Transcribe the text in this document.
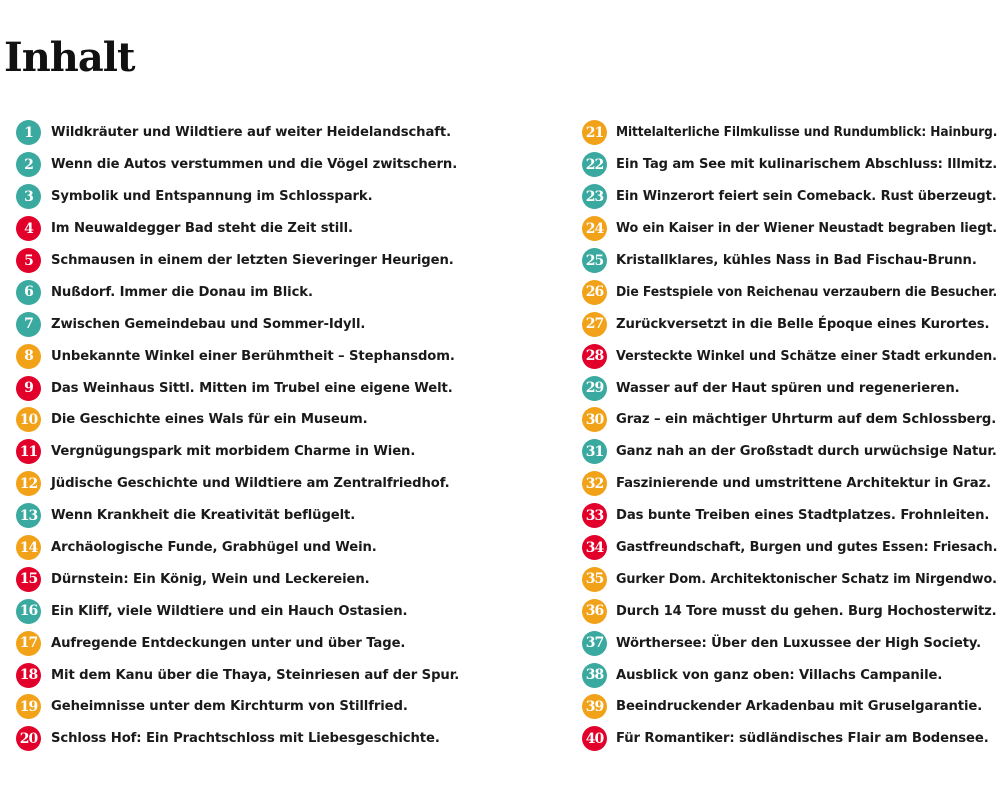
Inhalt
1	Wildkräuter und Wildtiere auf weiter Heidelandschaft.
2	Wenn die Autos verstummen und die Vögel zwitschern.
3	Symbolik und Entspannung im Schlosspark.
4	Im Neuwaldegger Bad steht die Zeit still.
5	Schmausen in einem der letzten Sieveringer Heurigen.
6	Nußdorf. Immer die Donau im Blick.
7	Zwischen Gemeindebau und Sommer-Idyll.
8	Unbekannte Winkel einer Berühmtheit – Stephansdom.
9	Das Weinhaus Sittl. Mitten im Trubel eine eigene Welt.
10 Die Geschichte eines Wals für ein Museum.
11 Vergnügungspark mit morbidem Charme in Wien.
12 Jüdische Geschichte und Wildtiere am Zentralfriedhof.
13 Wenn Krankheit die Kreativität beflügelt.
14 Archäologische Funde, Grabhügel und Wein.
15 Dürnstein: Ein König, Wein und Leckereien.
16 Ein Kliff, viele Wildtiere und ein Hauch Ostasien.
17 Aufregende Entdeckungen unter und über Tage.
18 Mit dem Kanu über die Thaya, Steinriesen auf der Spur.
19 Geheimnisse unter dem Kirchturm von Stillfried.
20 Schloss Hof: Ein Prachtschloss mit Liebesgeschichte.
21 Mittelalterliche Filmkulisse und Rundumblick: Hainburg.
22 Ein Tag am See mit kulinarischem Abschluss: Illmitz.
23 Ein Winzerort feiert sein Comeback. Rust überzeugt.
24 Wo ein Kaiser in der Wiener Neustadt begraben liegt.
25 Kristallklares, kühles Nass in Bad Fischau-Brunn.
26 Die Festspiele von Reichenau verzaubern die Besucher.
27 Zurückversetzt in die Belle Époque eines Kurortes.
28 Versteckte Winkel und Schätze einer Stadt erkunden.
29 Wasser auf der Haut spüren und regenerieren.
30 Graz – ein mächtiger Uhrturm auf dem Schlossberg.
31 Ganz nah an der Großstadt durch urwüchsige Natur.
32 Faszinierende und umstrittene Architektur in Graz.
33 Das bunte Treiben eines Stadtplatzes. Frohnleiten.
34 Gastfreundschaft, Burgen und gutes Essen: Friesach.
35 Gurker Dom. Architektonischer Schatz im Nirgendwo.
36 Durch 14 Tore musst du gehen. Burg Hochosterwitz.
37 Wörthersee: Über den Luxussee der High Society.
38 Ausblick von ganz oben: Villachs Campanile.
39 Beeindruckender Arkadenbau mit Gruselgarantie.
40 Für Romantiker: südländisches Flair am Bodensee.
